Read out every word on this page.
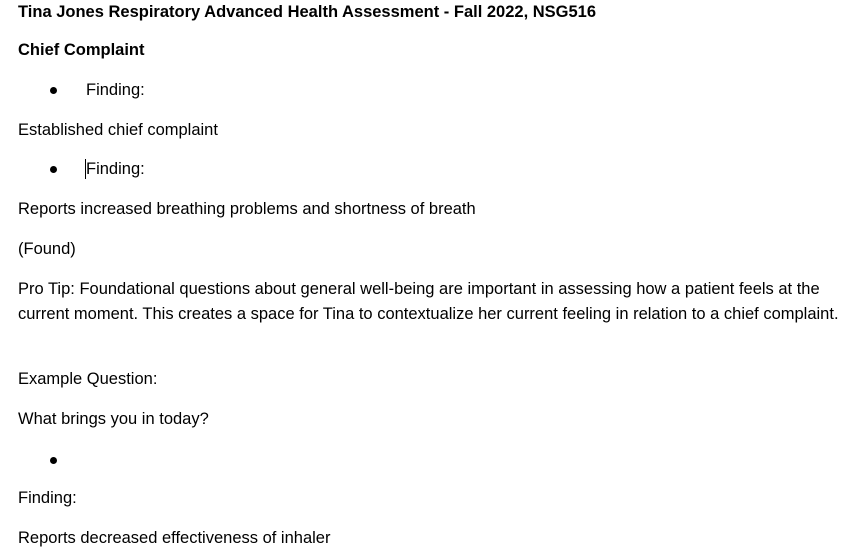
Tina Jones Respiratory Advanced Health Assessment - Fall 2022, NSG516
Chief Complaint
Finding:
Established chief complaint
Finding:
Reports increased breathing problems and shortness of breath
(Found)
Pro Tip: Foundational questions about general well-being are important in assessing how a patient feels at the current moment. This creates a space for Tina to contextualize her current feeling in relation to a chief complaint.
Example Question:
What brings you in today?
Finding:
Reports decreased effectiveness of inhaler
